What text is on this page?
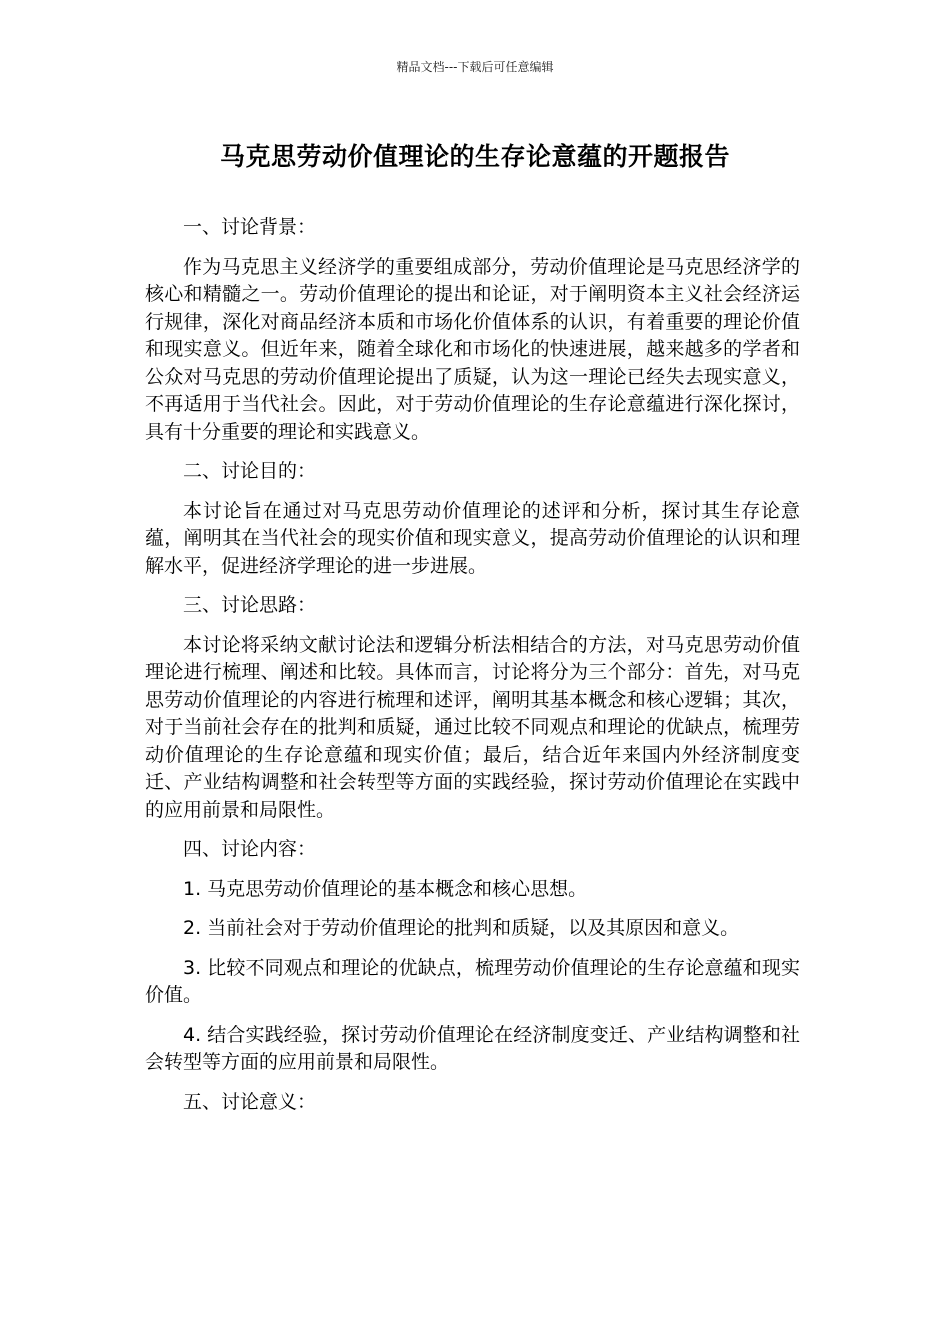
精品文档---下载后可任意编辑
马克思劳动价值理论的生存论意蕴的开题报告

一、讨论背景：

作为马克思主义经济学的重要组成部分，劳动价值理论是马克思经济学的核心和精髓之一。劳动价值理论的提出和论证，对于阐明资本主义社会经济运行规律，深化对商品经济本质和市场化价值体系的认识，有着重要的理论价值和现实意义。但近年来，随着全球化和市场化的快速进展，越来越多的学者和公众对马克思的劳动价值理论提出了质疑，认为这一理论已经失去现实意义，不再适用于当代社会。因此，对于劳动价值理论的生存论意蕴进行深化探讨，具有十分重要的理论和实践意义。

二、讨论目的：

本讨论旨在通过对马克思劳动价值理论的述评和分析，探讨其生存论意蕴，阐明其在当代社会的现实价值和现实意义，提高劳动价值理论的认识和理解水平，促进经济学理论的进一步进展。

三、讨论思路：

本讨论将采纳文献讨论法和逻辑分析法相结合的方法，对马克思劳动价值理论进行梳理、阐述和比较。具体而言，讨论将分为三个部分：首先，对马克思劳动价值理论的内容进行梳理和述评，阐明其基本概念和核心逻辑；其次，对于当前社会存在的批判和质疑，通过比较不同观点和理论的优缺点，梳理劳动价值理论的生存论意蕴和现实价值；最后，结合近年来国内外经济制度变迁、产业结构调整和社会转型等方面的实践经验，探讨劳动价值理论在实践中的应用前景和局限性。

四、讨论内容：

1. 马克思劳动价值理论的基本概念和核心思想。

2. 当前社会对于劳动价值理论的批判和质疑，以及其原因和意义。

3. 比较不同观点和理论的优缺点，梳理劳动价值理论的生存论意蕴和现实价值。

4. 结合实践经验，探讨劳动价值理论在经济制度变迁、产业结构调整和社会转型等方面的应用前景和局限性。

五、讨论意义：
